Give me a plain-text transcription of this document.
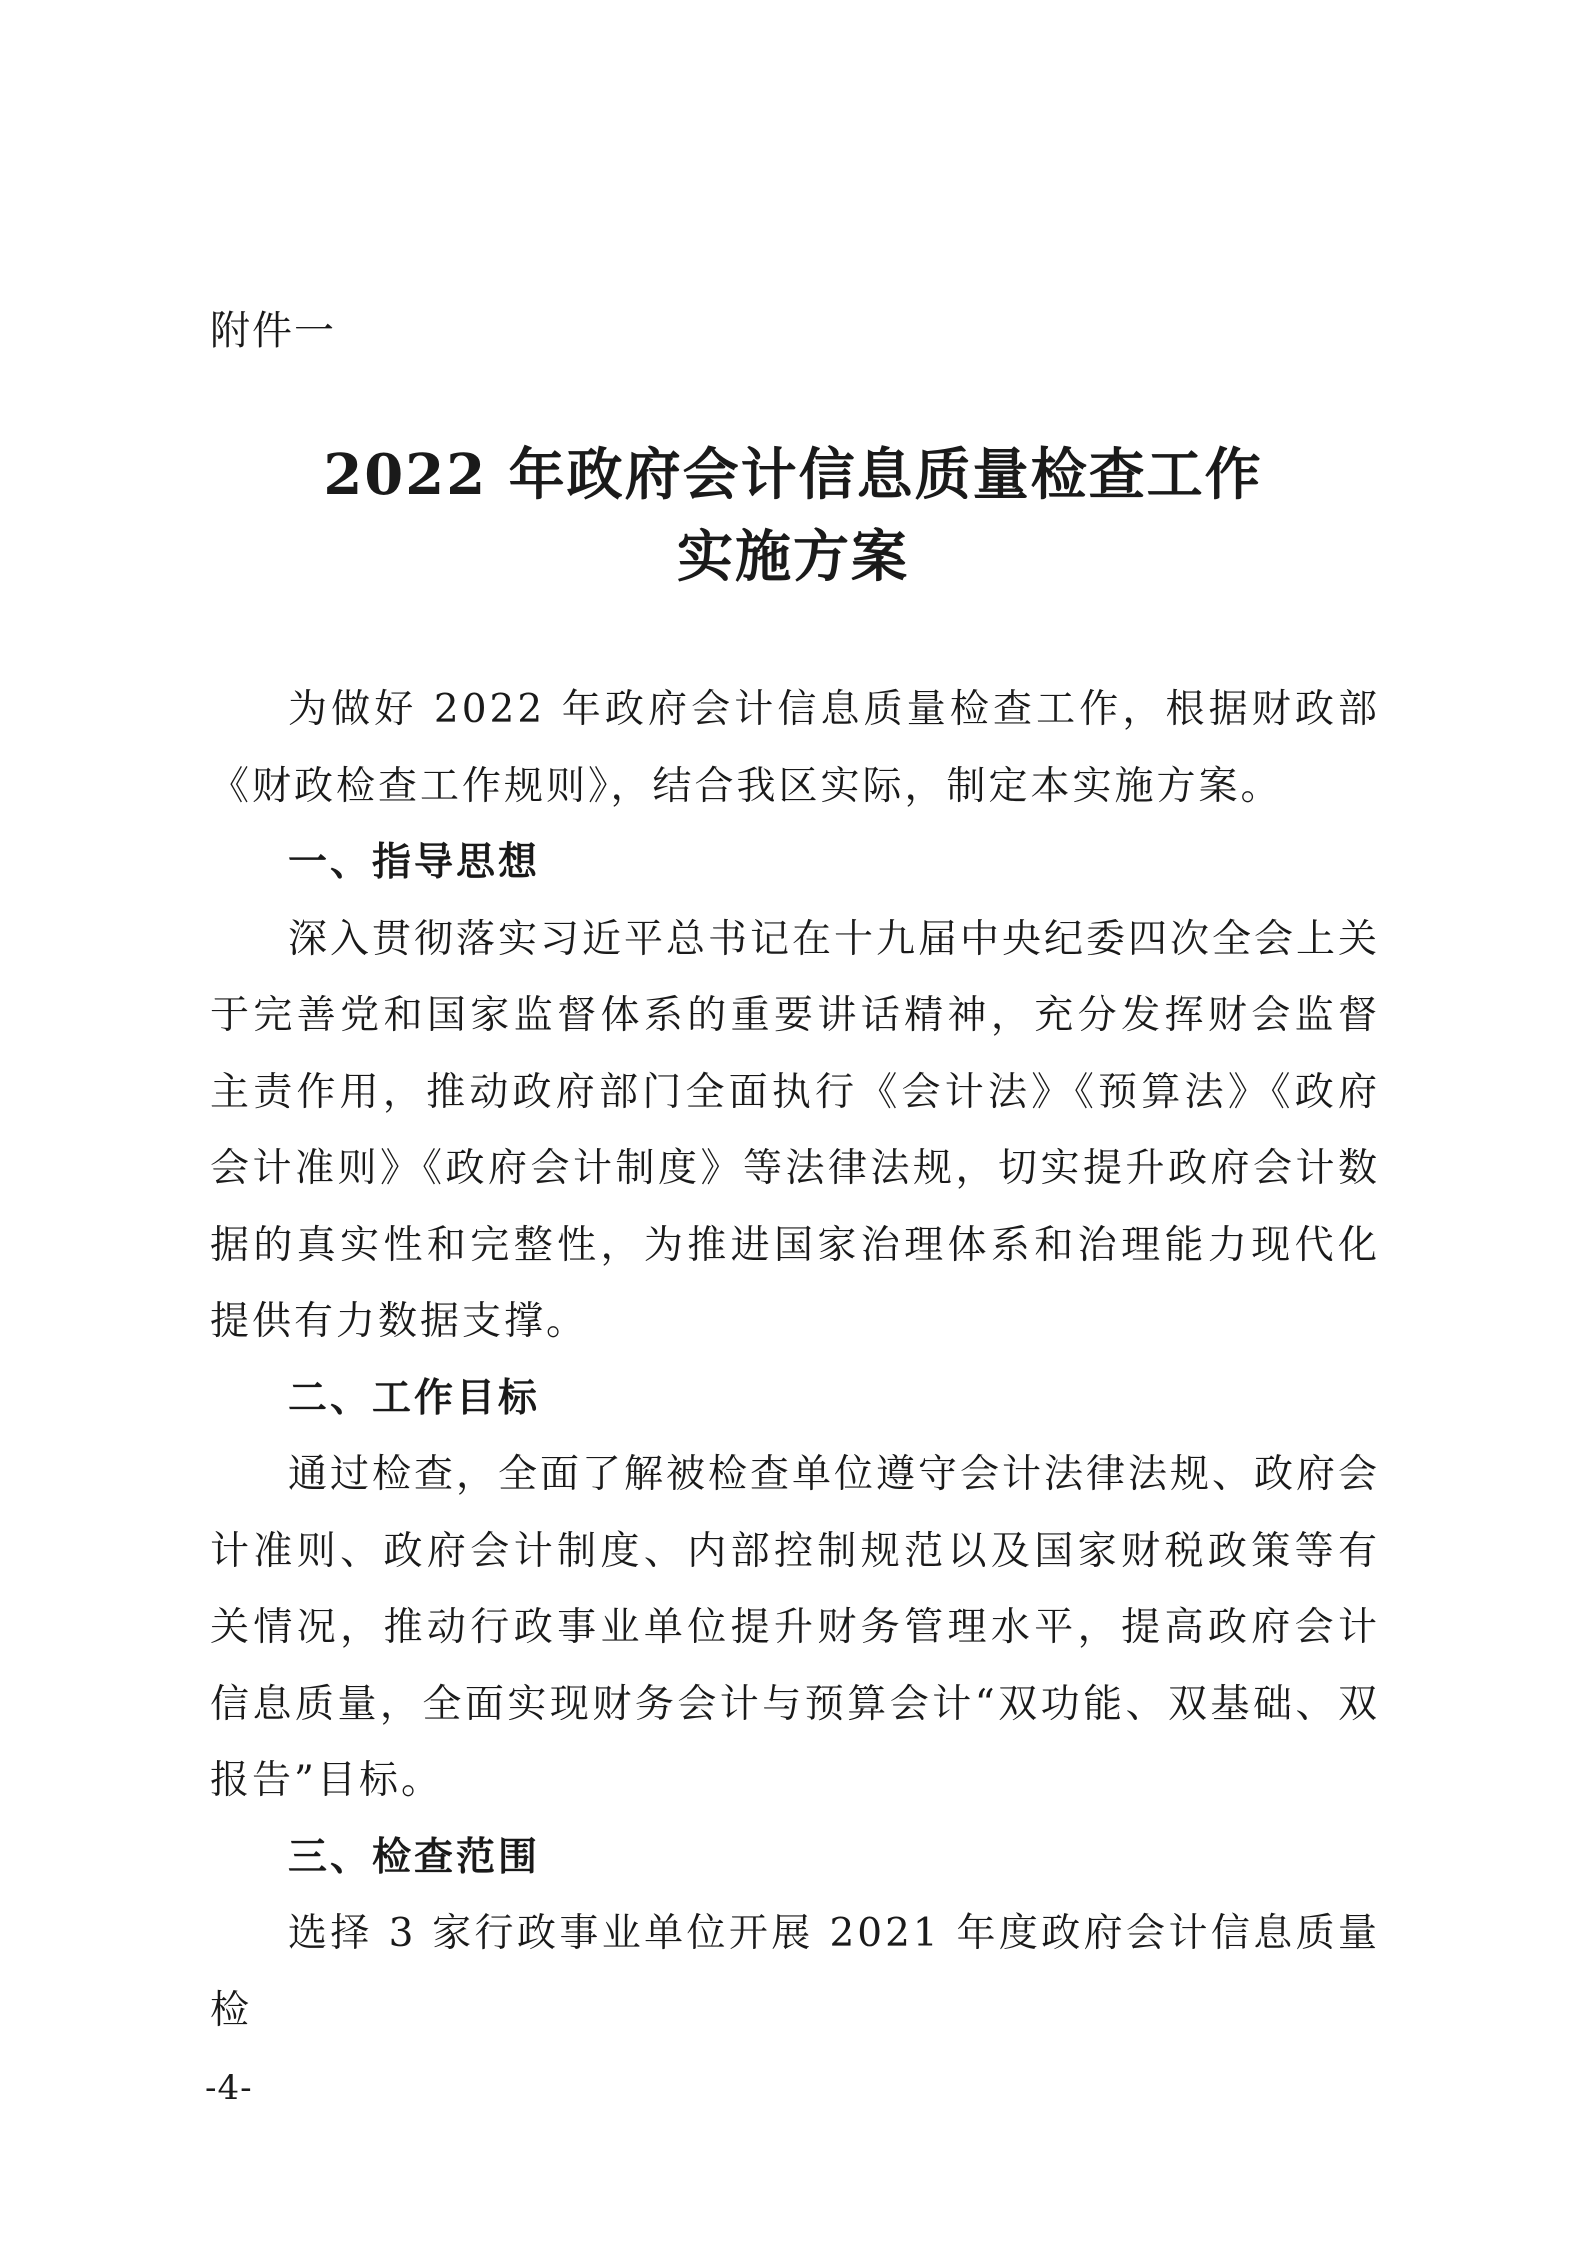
附件一
2022 年政府会计信息质量检查工作
实施方案

为做好 2022 年政府会计信息质量检查工作，根据财政部《财政检查工作规则》，结合我区实际，制定本实施方案。

一、指导思想

深入贯彻落实习近平总书记在十九届中央纪委四次全会上关于完善党和国家监督体系的重要讲话精神，充分发挥财会监督主责作用，推动政府部门全面执行《会计法》《预算法》《政府会计准则》《政府会计制度》等法律法规，切实提升政府会计数据的真实性和完整性，为推进国家治理体系和治理能力现代化提供有力数据支撑。

二、工作目标

通过检查，全面了解被检查单位遵守会计法律法规、政府会计准则、政府会计制度、内部控制规范以及国家财税政策等有关情况，推动行政事业单位提升财务管理水平，提高政府会计信息质量，全面实现财务会计与预算会计“双功能、双基础、双报告”目标。

三、检查范围

选择 3 家行政事业单位开展 2021 年度政府会计信息质量检

-4-
